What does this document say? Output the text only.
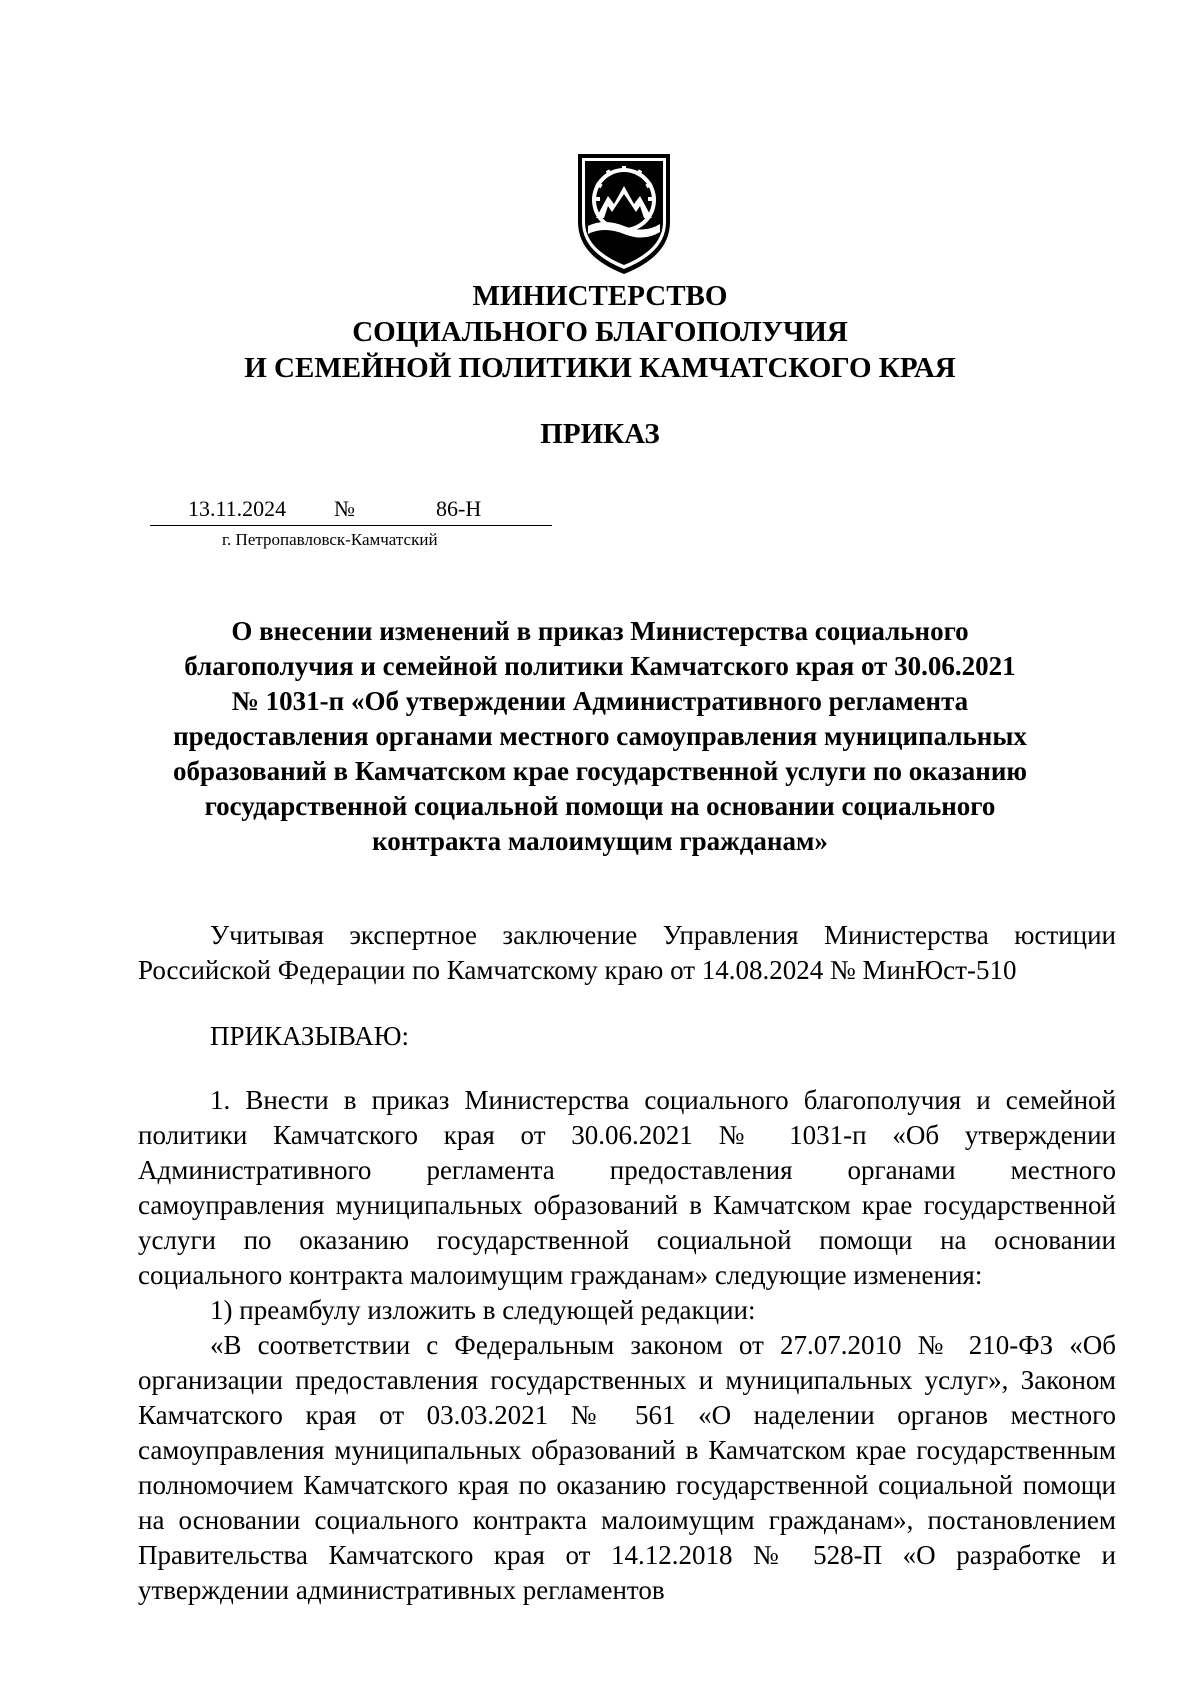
МИНИСТЕРСТВО
СОЦИАЛЬНОГО БЛАГОПОЛУЧИЯ
И СЕМЕЙНОЙ ПОЛИТИКИ КАМЧАТСКОГО КРАЯ
ПРИКАЗ
13.11.2024 №	86-Н
г. Петропавловск-Камчатский
О внесении изменений в приказ Министерства социального
благополучия и семейной политики Камчатского края от 30.06.2021
№ 1031-п «Об утверждении Административного регламента
предоставления органами местного самоуправления муниципальных
образований в Камчатском крае государственной услуги по оказанию
государственной социальной помощи на основании социального
контракта малоимущим гражданам»

Учитывая экспертное заключение Управления Министерства юстиции Российской Федерации по Камчатскому краю от 14.08.2024 № МинЮст-510

ПРИКАЗЫВАЮ:

1. Внести в приказ Министерства социального благополучия и семейной политики Камчатского края от 30.06.2021 № 1031-п «Об утверждении Административного регламента предоставления органами местного самоуправления муниципальных образований в Камчатском крае государственной услуги по оказанию государственной социальной помощи на основании социального контракта малоимущим гражданам» следующие изменения:

1) преамбулу изложить в следующей редакции:

«В соответствии с Федеральным законом от 27.07.2010 № 210-ФЗ «Об организации предоставления государственных и муниципальных услуг», Законом Камчатского края от 03.03.2021 № 561 «О наделении органов местного самоуправления муниципальных образований в Камчатском крае государственным полномочием Камчатского края по оказанию государственной социальной помощи на основании социального контракта малоимущим гражданам», постановлением Правительства Камчатского края от 14.12.2018 № 528-П «О разработке и утверждении административных регламентов
